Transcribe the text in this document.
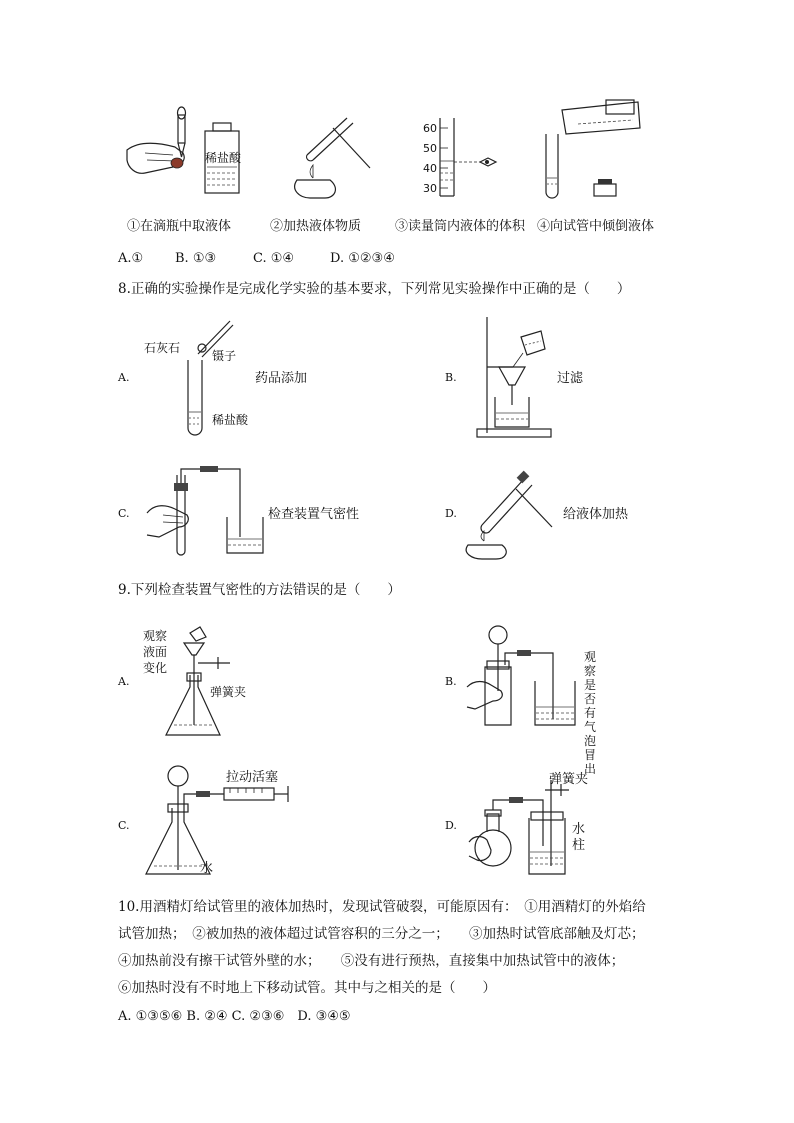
稀盐酸
60
50
40
30
①在滴瓶中取液体	②加热液体物质	③读量筒内液体的体积 ④向试管中倾倒液体
A.① B. ①③	C. ①④	D. ①②③④
8.正确的实验操作是完成化学实验的基本要求，下列常见实验操作中正确的是（　　）
A.
石灰石
镊子
药品添加
稀盐酸
B.	过滤
C.	检查装置气密性	D.	给液体加热
9.下列检查装置气密性的方法错误的是（　　）
A.
观察
液面
变化
弹簧夹
B.
观察是否有气泡冒出
C.
拉动活塞
水
D.
弹簧夹
水柱
10.用酒精灯给试管里的液体加热时，发现试管破裂，可能原因有：　①用酒精灯的外焰给
试管加热；　②被加热的液体超过试管容积的三分之一；　　③加热时试管底部触及灯芯；
④加热前没有擦干试管外壁的水；　　⑤没有进行预热，直接集中加热试管中的液体；
⑥加热时没有不时地上下移动试管。其中与之相关的是（　　）
A. ①③⑤⑥ B. ②④ C. ②③⑥　D. ③④⑤
